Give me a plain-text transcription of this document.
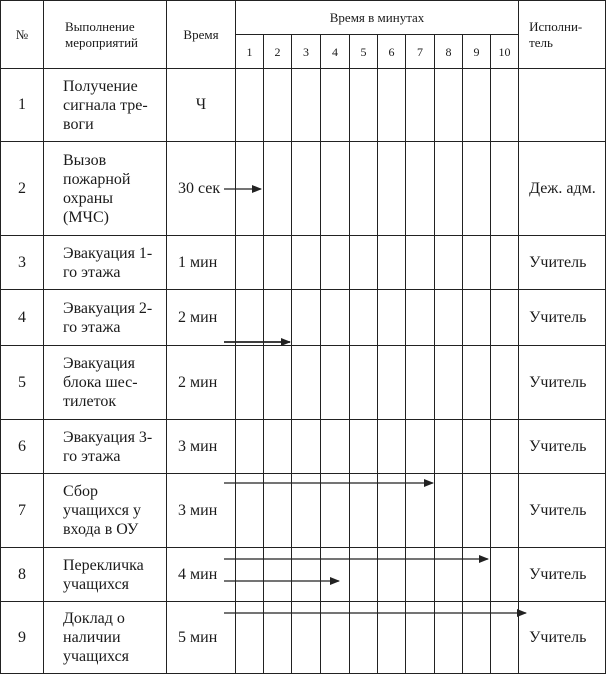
№	Выполнение мероприятий	Время	Время в минутах										Исполни-тель
			1	2	3	4	5	6	7	8	9	10	
1	Получение сигнала тре-вoги	Ч											
2	Вызов пожарной охраны (МЧС)	30 сек											Деж. адм.
3	Эвакуация 1-го этажа	1 мин											Учитель
4	Эвакуация 2-го этажа	2 мин											Учитель
5	Эвакуация блока шес-тилеток	2 мин											Учитель
6	Эвакуация 3-го этажа	3 мин											Учитель
7	Сбор учащихся у входа в ОУ	3 мин											Учитель
8	Перекличка учащихся	4 мин											Учитель
9	Доклад о наличии учащихся	5 мин											Учитель
